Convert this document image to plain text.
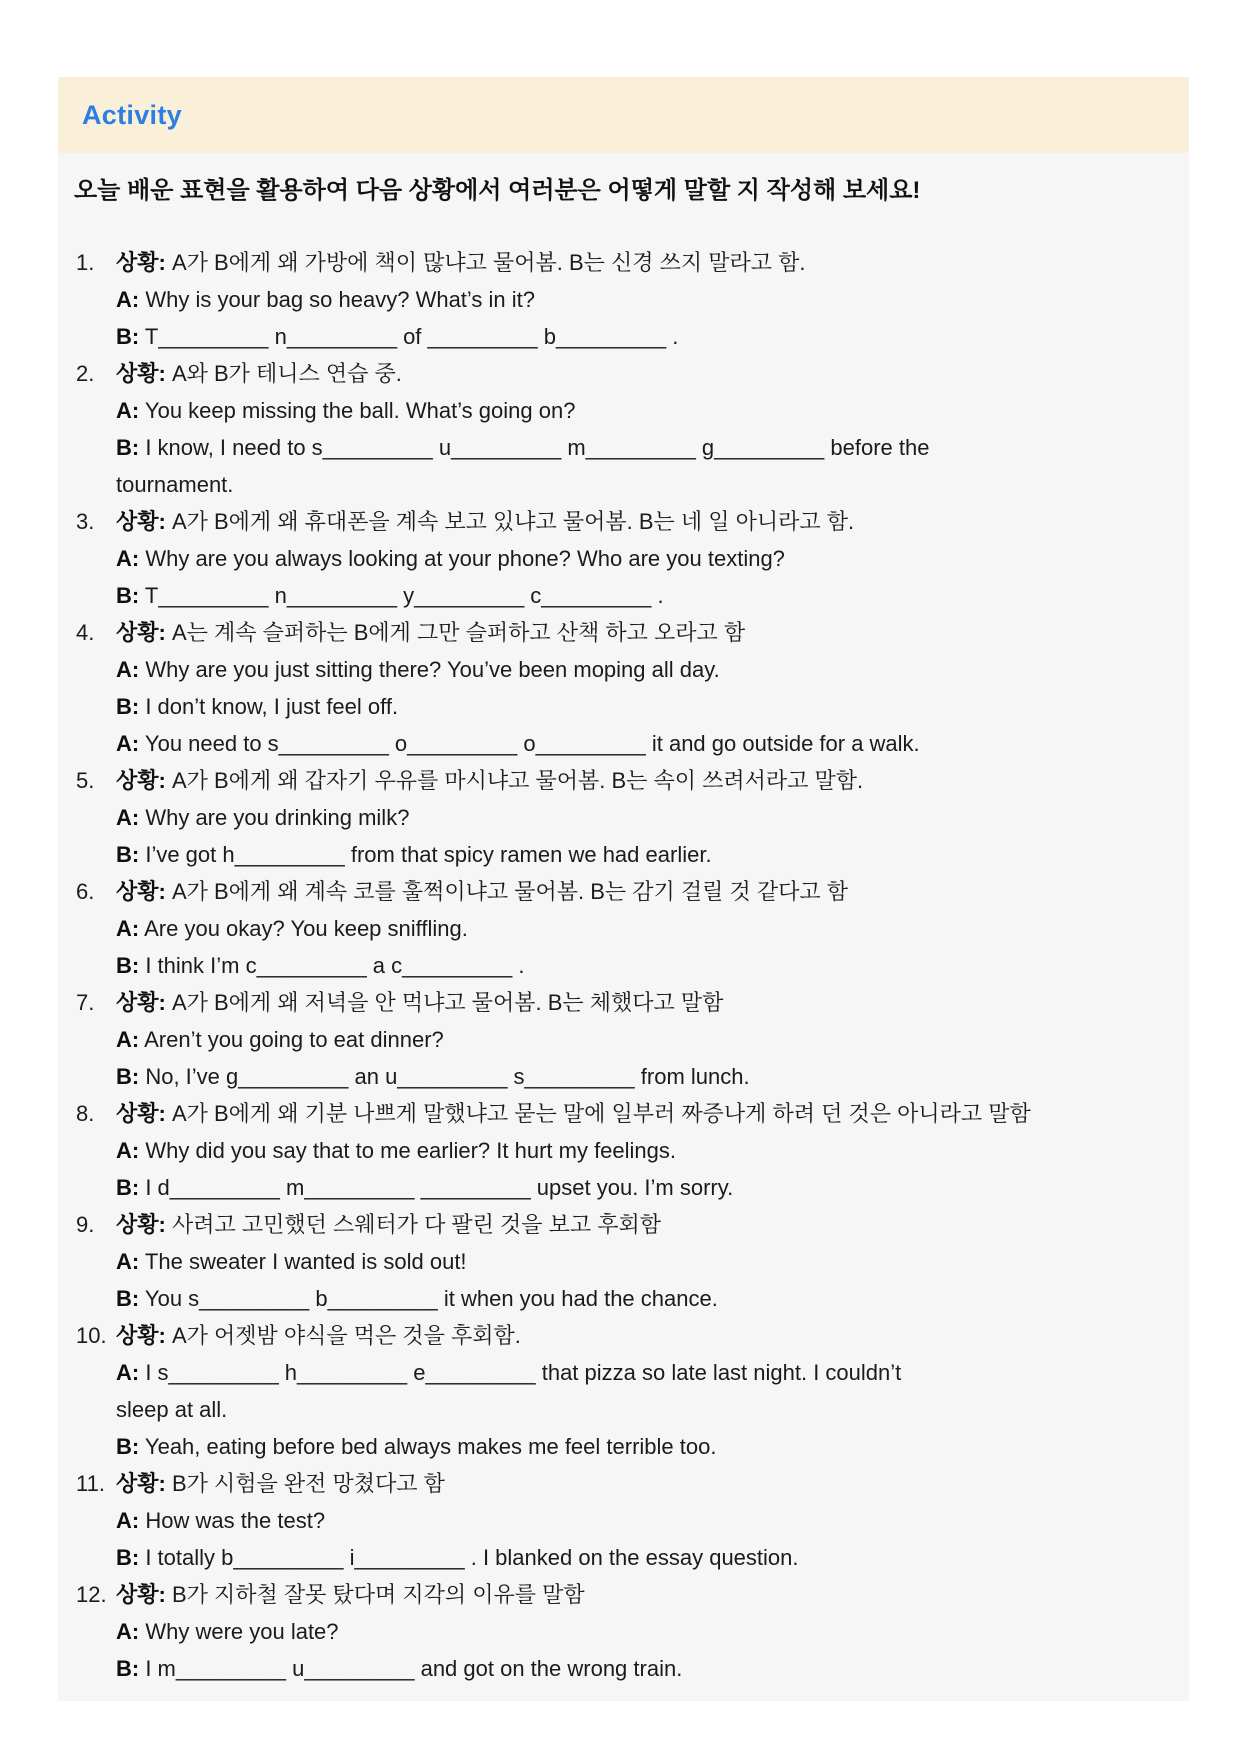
Activity
오늘 배운 표현을 활용하여 다음 상황에서 여러분은 어떻게 말할 지 작성해 보세요!
1. 상황: A가 B에게 왜 가방에 책이 많냐고 물어봄. B는 신경 쓰지 말라고 함.
A: Why is your bag so heavy? What’s in it?
B: T_________ n_________ of _________ b_________ .
2. 상황: A와 B가 테니스 연습 중.
A: You keep missing the ball. What’s going on?
B: I know, I need to s_________ u_________ m_________ g_________ before the
tournament.
3. 상황: A가 B에게 왜 휴대폰을 계속 보고 있냐고 물어봄. B는 네 일 아니라고 함.
A: Why are you always looking at your phone? Who are you texting?
B: T_________ n_________ y_________ c_________ .
4. 상황: A는 계속 슬퍼하는 B에게 그만 슬퍼하고 산책 하고 오라고 함
A: Why are you just sitting there? You’ve been moping all day.
B: I don’t know, I just feel off.
A: You need to s_________ o_________ o_________ it and go outside for a walk.
5. 상황: A가 B에게 왜 갑자기 우유를 마시냐고 물어봄. B는 속이 쓰려서라고 말함.
A: Why are you drinking milk?
B: I’ve got h_________ from that spicy ramen we had earlier.
6. 상황: A가 B에게 왜 계속 코를 훌쩍이냐고 물어봄. B는 감기 걸릴 것 같다고 함
A: Are you okay? You keep sniffling.
B: I think I’m c_________ a c_________ .
7. 상황: A가 B에게 왜 저녁을 안 먹냐고 물어봄. B는 체했다고 말함
A: Aren’t you going to eat dinner?
B: No, I’ve g_________ an u_________ s_________ from lunch.
8. 상황: A가 B에게 왜 기분 나쁘게 말했냐고 묻는 말에 일부러 짜증나게 하려 던 것은 아니라고 말함
A: Why did you say that to me earlier? It hurt my feelings.
B: I d_________ m_________ _________ upset you. I’m sorry.
9. 상황: 사려고 고민했던 스웨터가 다 팔린 것을 보고 후회함
A: The sweater I wanted is sold out!
B: You s_________ b_________ it when you had the chance.
10. 상황: A가 어젯밤 야식을 먹은 것을 후회함.
A: I s_________ h_________ e_________ that pizza so late last night. I couldn’t
sleep at all.
B: Yeah, eating before bed always makes me feel terrible too.
11. 상황: B가 시험을 완전 망쳤다고 함
A: How was the test?
B: I totally b_________ i_________ . I blanked on the essay question.
12. 상황: B가 지하철 잘못 탔다며 지각의 이유를 말함
A: Why were you late?
B: I m_________ u_________ and got on the wrong train.
